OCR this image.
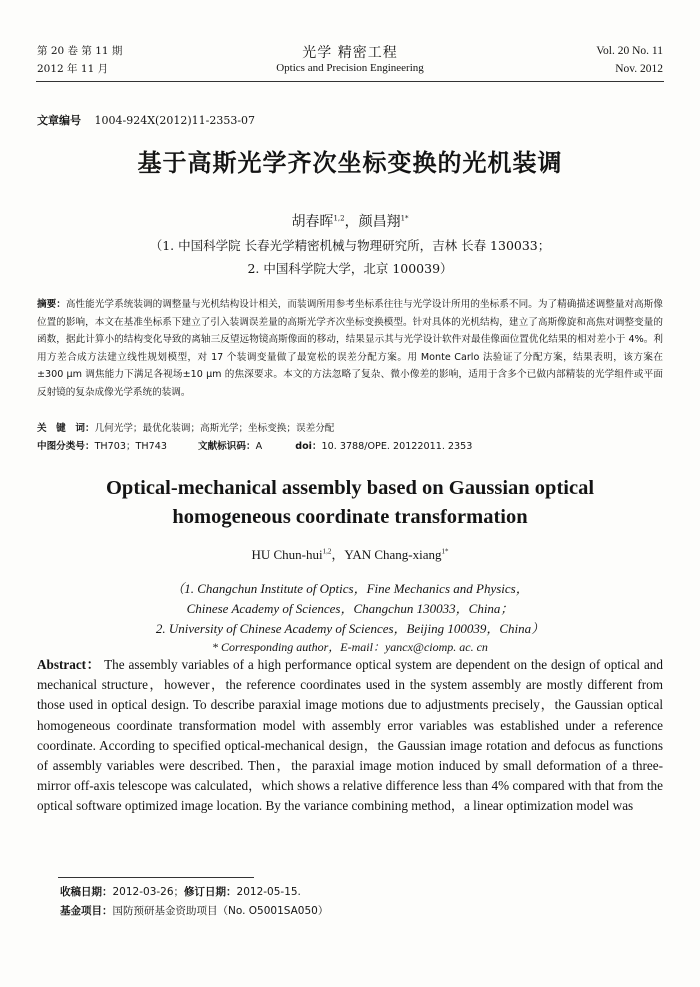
第 20 卷 第 11 期
2012 年 11 月
光学 精密工程
Optics and Precision Engineering
Vol. 20 No. 11
Nov. 2012
文章编号 1004-924X(2012)11-2353-07
基于高斯光学齐次坐标变换的光机装调
胡春晖$^{1,2}$，颜昌翔$^{1*}$
（1. 中国科学院 长春光学精密机械与物理研究所，吉林 长春 130033；
2. 中国科学院大学，北京 100039）
摘要：高性能光学系统装调的调整量与光机结构设计相关，而装调所用参考坐标系往往与光学设计所用的坐标系不同。为了精确描述调整量对高斯像位置的影响，本文在基准坐标系下建立了引入装调误差量的高斯光学齐次坐标变换模型。针对具体的光机结构，建立了高斯像旋和高焦对调整变量的函数，据此计算小的结构变化导致的离轴三反望远物镜高斯像面的移动，结果显示其与光学设计软件对最佳像面位置优化结果的相对差小于 4%。利用方差合成方法建立线性规划模型，对 17 个装调变量做了最宽松的误差分配方案。用 Monte Carlo 法验证了分配方案，结果表明，该方案在±300 μm 调焦能力下满足各视场±10 μm 的焦深要求。本文的方法忽略了复杂、微小像差的影响，适用于含多个已做内部精装的光学组件或平面反射镜的复杂成像光学系统的装调。
关　键　词：几何光学；最优化装调；高斯光学；坐标变换；误差分配
中图分类号：TH703；TH743	文献标识码：A	doi：10. 3788/OPE. 20122011. 2353
Optical-mechanical assembly based on Gaussian optical
homogeneous coordinate transformation
HU Chun-hui$^{1,2}$，YAN Chang-xiang$^{1*}$
（1. Changchun Institute of Optics，Fine Mechanics and Physics，
Chinese Academy of Sciences，Changchun 130033，China；
2. University of Chinese Academy of Sciences，Beijing 100039，China）
* Corresponding author，E-mail：yancx@ciomp. ac. cn
Abstract： The assembly variables of a high performance optical system are dependent on the design of optical and mechanical structure，however，the reference coordinates used in the system assembly are mostly different from those used in optical design. To describe paraxial image motions due to adjustments precisely，the Gaussian optical homogeneous coordinate transformation model with assembly error variables was established under a reference coordinate. According to specified optical-mechanical design，the Gaussian image rotation and defocus as functions of assembly variables were described. Then，the paraxial image motion induced by small deformation of a three-mirror off-axis telescope was calculated，which shows a relative difference less than 4% compared with that from the optical software optimized image location. By the variance combining method，a linear optimization model was
收稿日期：2012-03-26；修订日期：2012-05-15.
基金项目：国防预研基金资助项目（No. O5001SA050）
